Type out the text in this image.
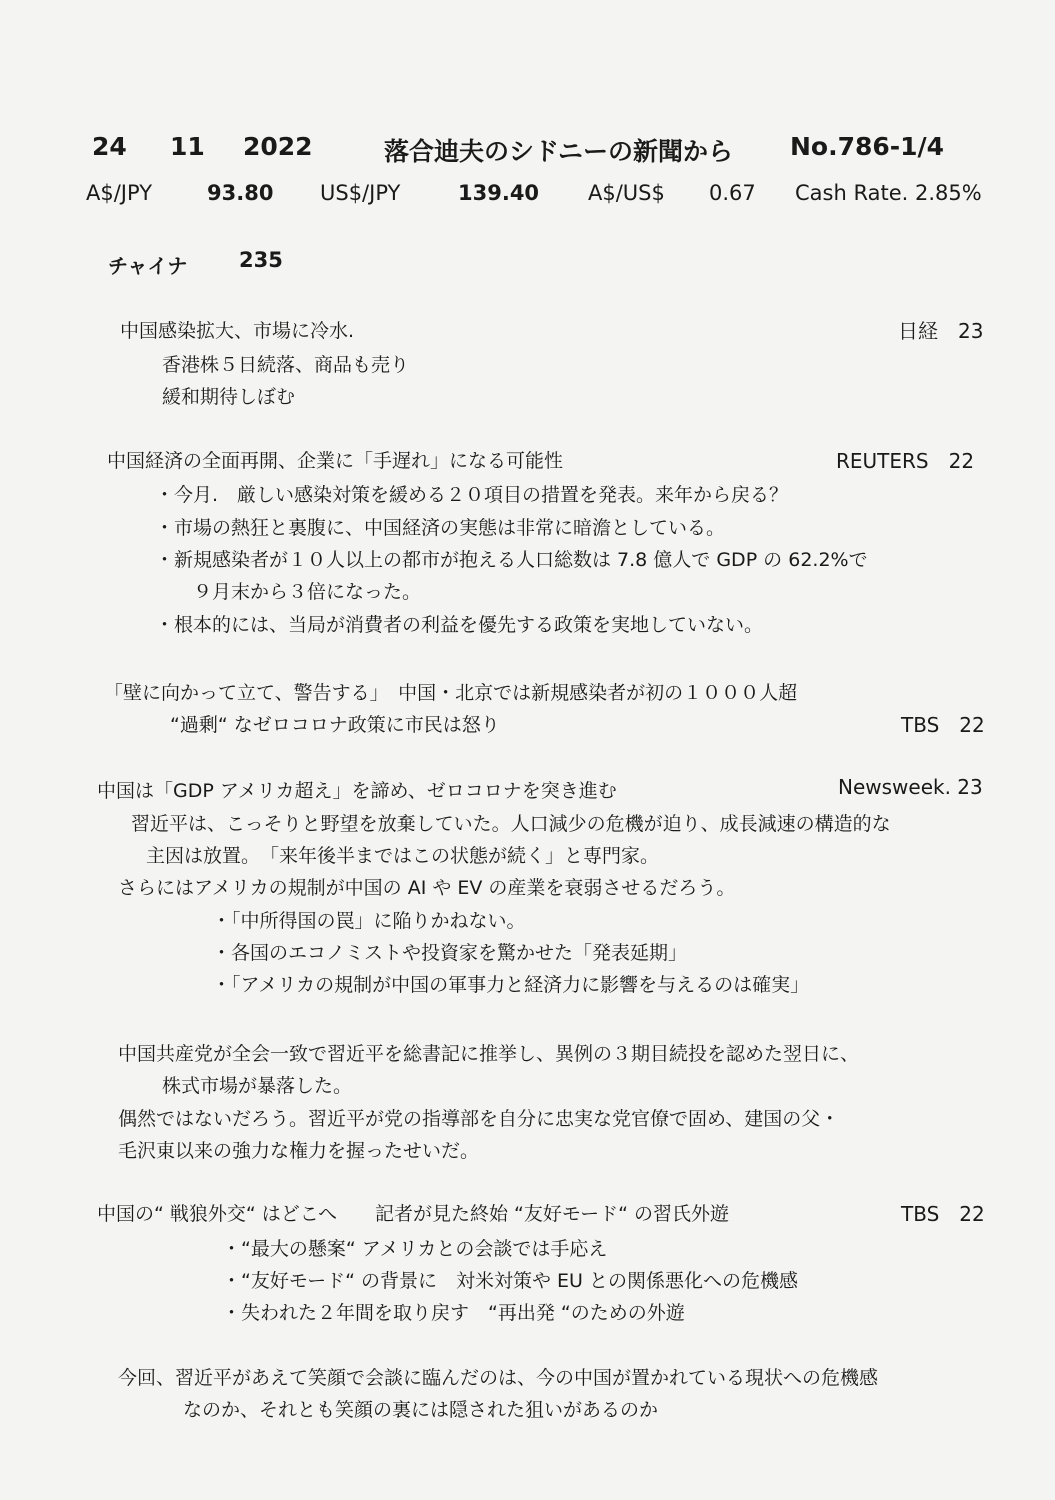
24 11 2022	落合迪夫のシドニーの新聞から No.786-1/4
A$/JPY	93.80 US$/JPY	139.40 A$/US$ 0.67 Cash Rate. 2.85%
チャイナ 235
中国感染拡大、市場に冷水.	日経　23
香港株５日続落、商品も売り
緩和期待しぼむ
中国経済の全面再開、企業に「手遅れ」になる可能性	REUTERS　22
・今月.　厳しい感染対策を緩める２０項目の措置を発表。来年から戻る？
・市場の熱狂と裏腹に、中国経済の実態は非常に暗澹としている。
・新規感染者が１０人以上の都市が抱える人口総数は 7.8 億人で GDP の 62.2%で
９月末から３倍になった。
・根本的には、当局が消費者の利益を優先する政策を実地していない。
「壁に向かって立て、警告する」　中国・北京では新規感染者が初の１０００人超
“過剰“ なゼロコロナ政策に市民は怒り	TBS　22
中国は「GDP アメリカ超え」を諦め、ゼロコロナを突き進む	Newsweek. 23
習近平は、こっそりと野望を放棄していた。人口減少の危機が迫り、成長減速の構造的な
主因は放置。　「来年後半まではこの状態が続く」と専門家。
さらにはアメリカの規制が中国の AI や EV の産業を衰弱させるだろう。
・「中所得国の罠」に陥りかねない。
・各国のエコノミストや投資家を驚かせた「発表延期」
・「アメリカの規制が中国の軍事力と経済力に影響を与えるのは確実」
中国共産党が全会一致で習近平を総書記に推挙し、異例の３期目続投を認めた翌日に、
株式市場が暴落した。
偶然ではないだろう。習近平が党の指導部を自分に忠実な党官僚で固め、建国の父・
毛沢東以来の強力な権力を握ったせいだ。
中国の“ 戦狼外交“ はどこへ　　記者が見た終始 “友好モード“ の習氏外遊	TBS　22
・“最大の懸案“ アメリカとの会談では手応え
・“友好モード“ の背景に　対米対策や EU との関係悪化への危機感
・失われた２年間を取り戻す　“再出発 “のための外遊
今回、習近平があえて笑顔で会談に臨んだのは、今の中国が置かれている現状への危機感
なのか、それとも笑顔の裏には隠された狙いがあるのか
